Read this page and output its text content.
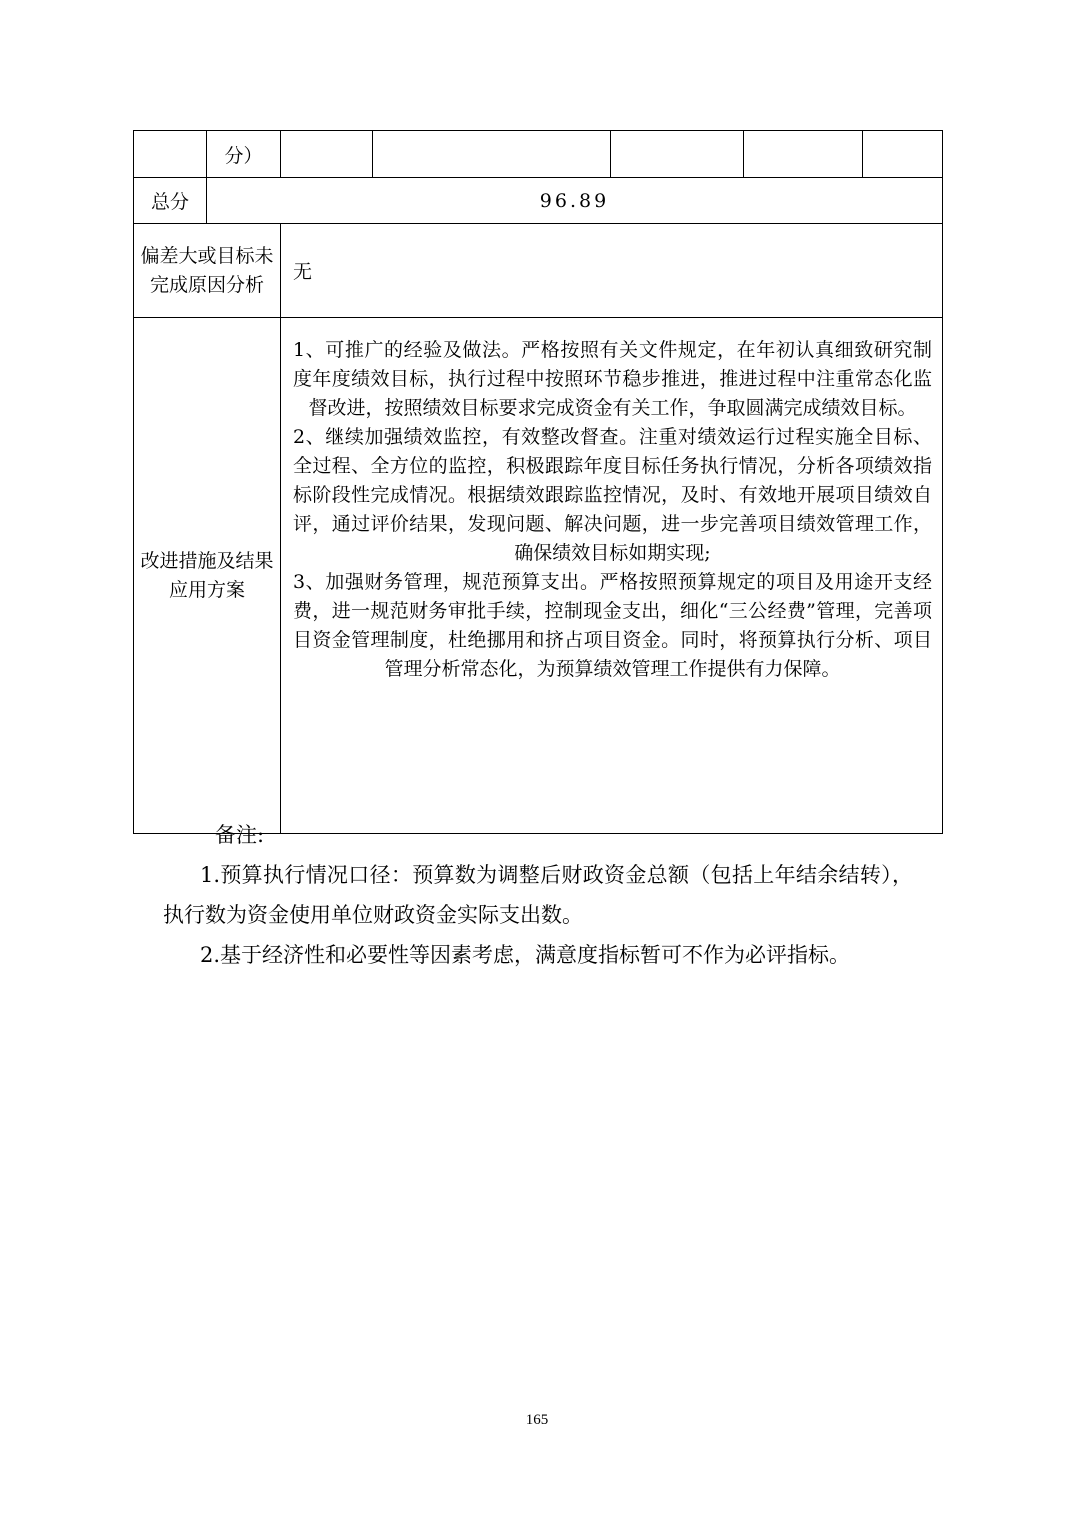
	分）					
总分	96.89					
偏差大或目标未完成原因分析		无				
改进措施及结果应用方案		1、可推广的经验及做法。严格按照有关文件规定，在年初认真细致研究制度年度绩效目标，执行过程中按照环节稳步推进，推进过程中注重常态化监督改进，按照绩效目标要求完成资金有关工作，争取圆满完成绩效目标。

2、继续加强绩效监控，有效整改督查。注重对绩效运行过程实施全目标、全过程、全方位的监控，积极跟踪年度目标任务执行情况，分析各项绩效指标阶段性完成情况。根据绩效跟踪监控情况，及时、有效地开展项目绩效自评，通过评价结果，发现问题、解决问题，进一步完善项目绩效管理工作，确保绩效目标如期实现;

3、加强财务管理，规范预算支出。严格按照预算规定的项目及用途开支经费，进一规范财务审批手续，控制现金支出，细化“三公经费”管理，完善项目资金管理制度，杜绝挪用和挤占项目资金。同时，将预算执行分析、项目管理分析常态化，为预算绩效管理工作提供有力保障。				

备注:

1.预算执行情况口径：预算数为调整后财政资金总额（包括上年结余结转），执行数为资金使用单位财政资金实际支出数。

2.基于经济性和必要性等因素考虑，满意度指标暂可不作为必评指标。

165
